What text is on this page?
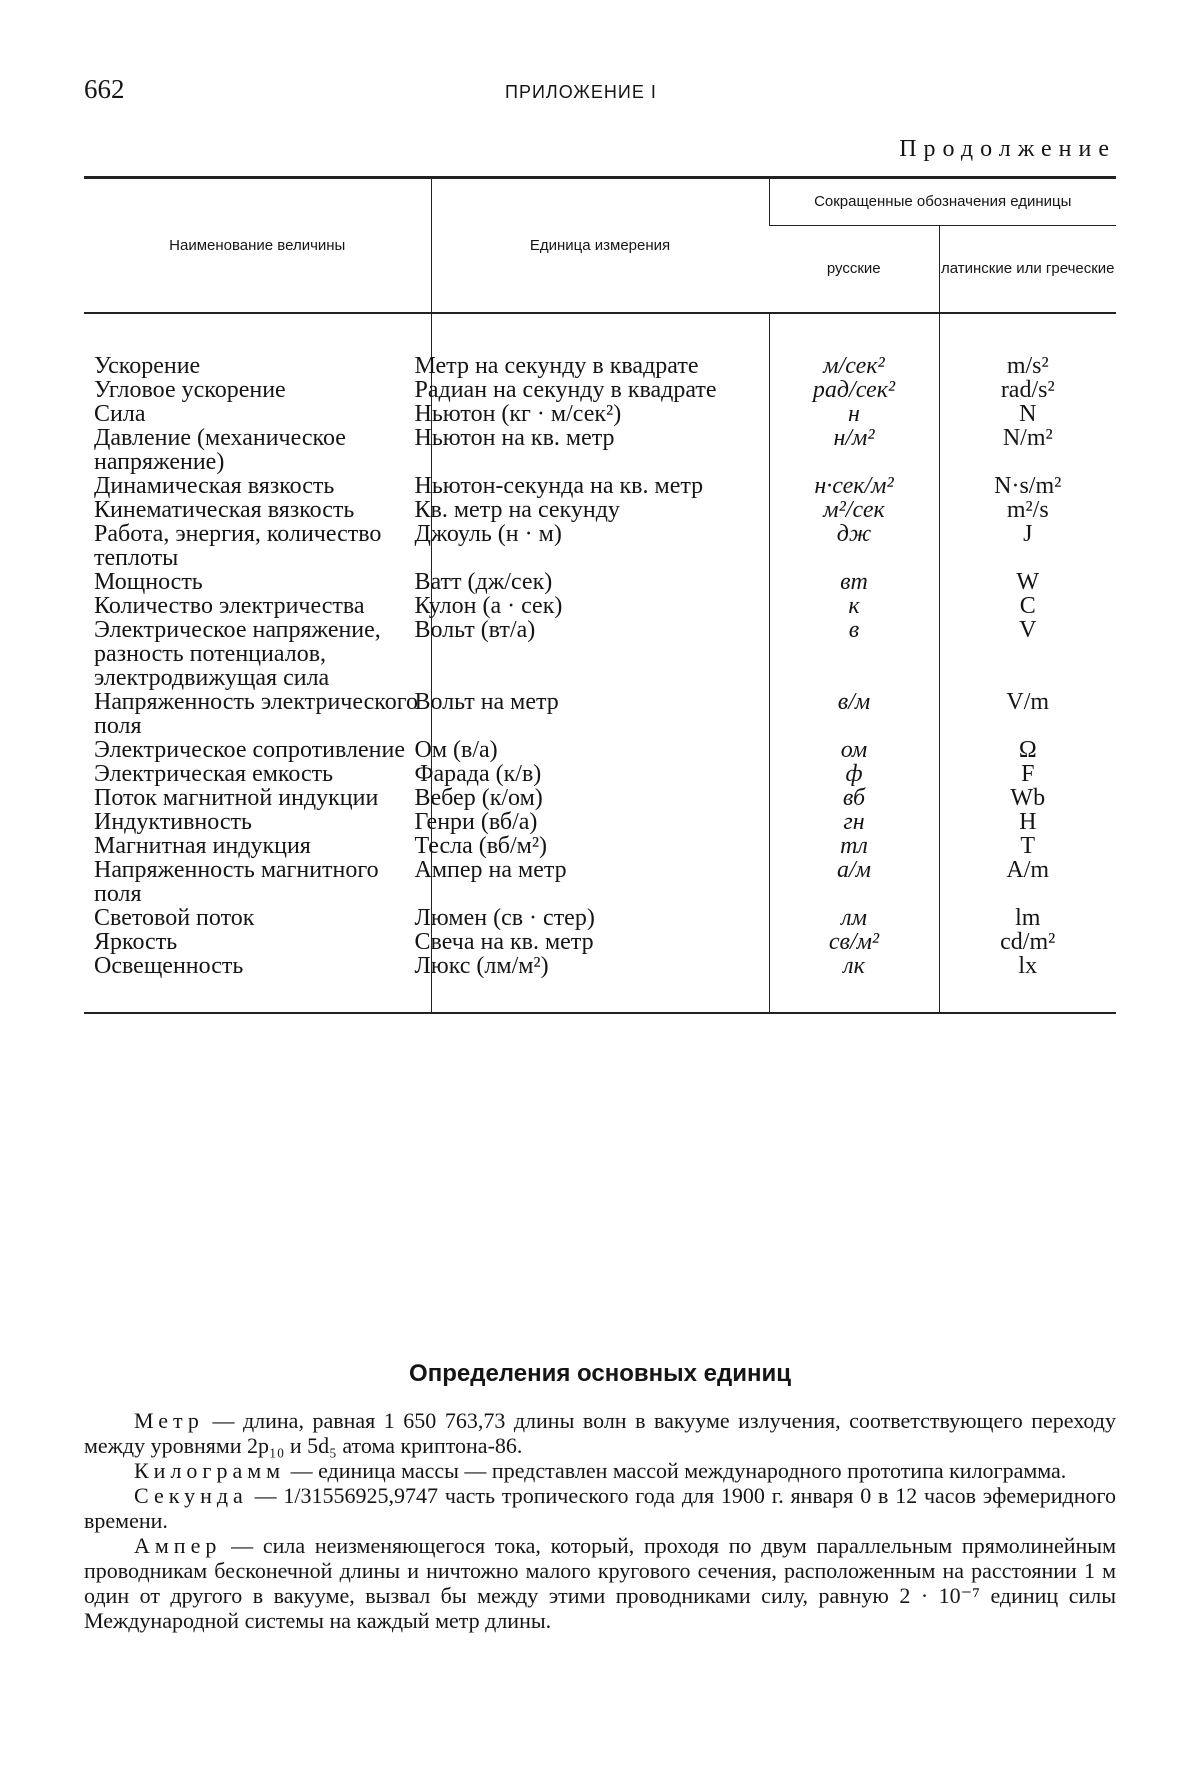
662	ПРИЛОЖЕНИЕ I
Продолжение
Наименование величины	Единица измерения	Сокращенные обозначения единицы	
		русские	латинские или греческие

Ускорение	Метр на секунду в квадрате	м/сек²	m/s²
Угловое ускорение	Радиан на секунду в квадрате	рад/сек²	rad/s²
Сила	Ньютон (кг · м/сек²)	н	N
Давление (механическое напряжение)	Ньютон на кв. метр	н/м²	N/m²
Динамическая вязкость	Ньютон-секунда на кв. метр	н·сек/м²	N·s/m²
Кинематическая вязкость	Кв. метр на секунду	м²/сек	m²/s
Работа, энергия, количество теплоты	Джоуль (н · м)	дж	J
Мощность	Ватт (дж/сек)	вт	W
Количество электричества	Кулон (а · сек)	к	C
Электрическое напряжение, разность потенциалов, электродвижущая сила	Вольт (вт/а)	в	V
Напряженность электрического поля	Вольт на метр	в/м	V/m
Электрическое сопротивление	Ом (в/а)	ом	Ω
Электрическая емкость	Фарада (к/в)	ф	F
Поток магнитной индукции	Вебер (к/ом)	вб	Wb
Индуктивность	Генри (вб/а)	гн	H
Магнитная индукция	Тесла (вб/м²)	тл	T
Напряженность магнитного поля	Ампер на метр	а/м	A/m
Световой поток	Люмен (св · стер)	лм	lm
Яркость	Свеча на кв. метр	св/м²	cd/m²
Освещенность	Люкс (лм/м²)	лк	lx

Определения основных единиц

Метр — длина, равная 1 650 763,73 длины волн в вакууме излучения, соответствующего переходу между уровнями 2p₁₀ и 5d₅ атома криптона-86.

Килограмм — единица массы — представлен массой международного прототипа килограмма.

Секунда — 1/31556925,9747 часть тропического года для 1900 г. января 0 в 12 часов эфемеридного времени.

Ампер — сила неизменяющегося тока, который, проходя по двум параллельным прямолинейным проводникам бесконечной длины и ничтожно малого кругового сечения, расположенным на расстоянии 1 м один от другого в вакууме, вызвал бы между этими проводниками силу, равную 2 · 10⁻⁷ единиц силы Международной системы на каждый метр длины.
